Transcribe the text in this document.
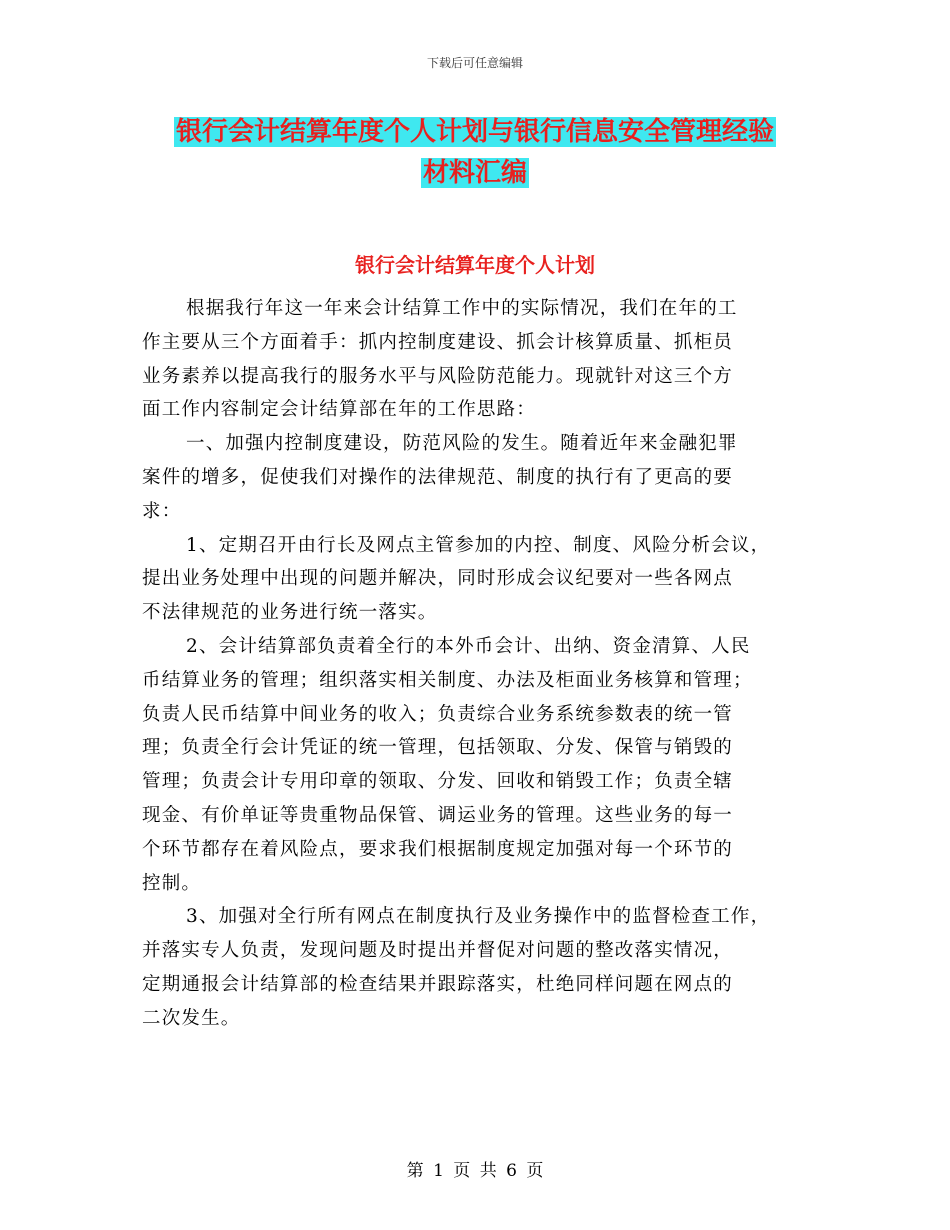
下载后可任意编辑
银行会计结算年度个人计划与银行信息安全管理经验
材料汇编
银行会计结算年度个人计划

根据我行年这一年来会计结算工作中的实际情况，我们在年的工

作主要从三个方面着手：抓内控制度建设、抓会计核算质量、抓柜员

业务素养以提高我行的服务水平与风险防范能力。现就针对这三个方

面工作内容制定会计结算部在年的工作思路：

一、加强内控制度建设，防范风险的发生。随着近年来金融犯罪

案件的增多，促使我们对操作的法律规范、制度的执行有了更高的要

求：

1、定期召开由行长及网点主管参加的内控、制度、风险分析会议，

提出业务处理中出现的问题并解决，同时形成会议纪要对一些各网点

不法律规范的业务进行统一落实。

2、会计结算部负责着全行的本外币会计、出纳、资金清算、人民

币结算业务的管理；组织落实相关制度、办法及柜面业务核算和管理；

负责人民币结算中间业务的收入；负责综合业务系统参数表的统一管

理；负责全行会计凭证的统一管理，包括领取、分发、保管与销毁的

管理；负责会计专用印章的领取、分发、回收和销毁工作；负责全辖

现金、有价单证等贵重物品保管、调运业务的管理。这些业务的每一

个环节都存在着风险点，要求我们根据制度规定加强对每一个环节的

控制。

3、加强对全行所有网点在制度执行及业务操作中的监督检查工作，

并落实专人负责，发现问题及时提出并督促对问题的整改落实情况，

定期通报会计结算部的检查结果并跟踪落实，杜绝同样问题在网点的

二次发生。

第 1 页 共 6 页
